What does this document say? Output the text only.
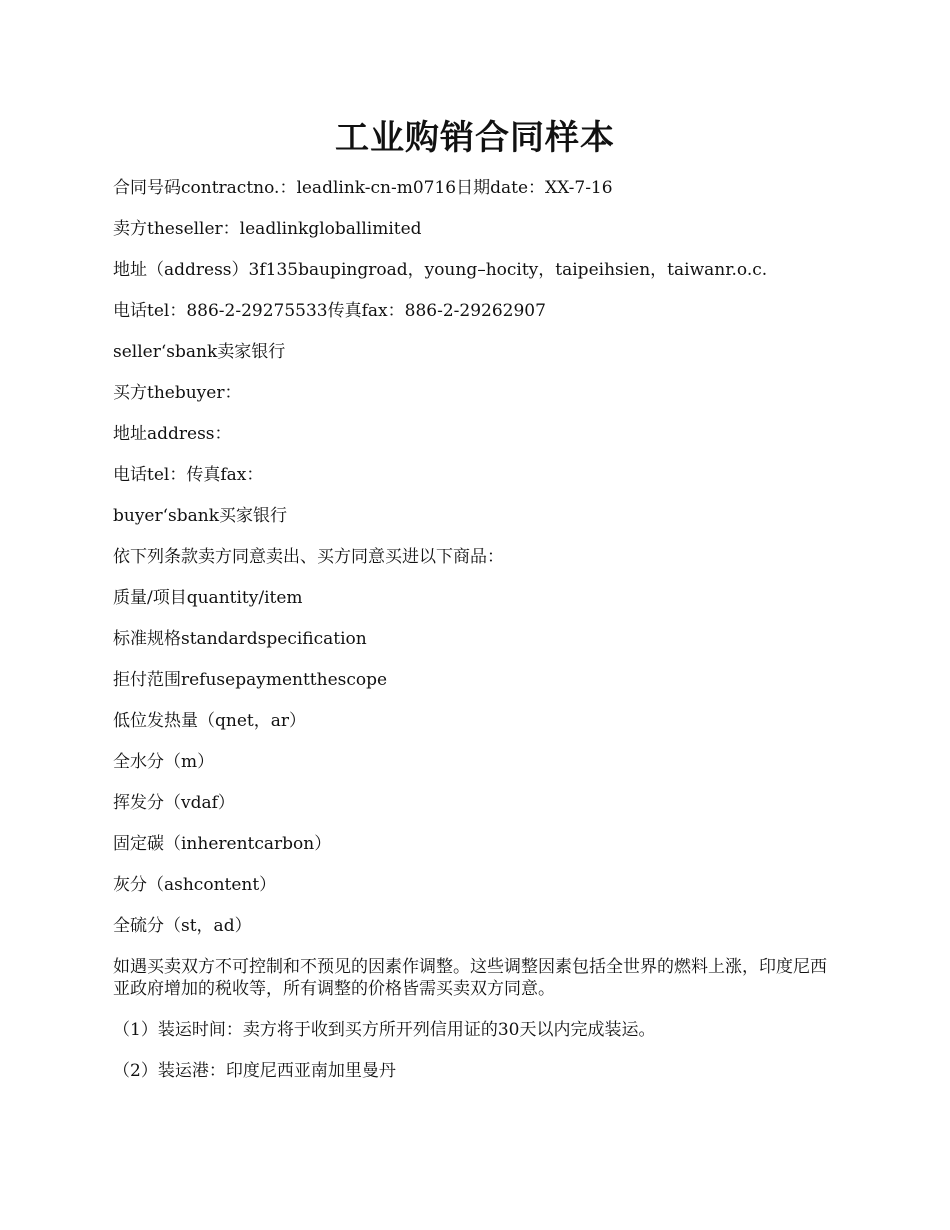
工业购销合同样本

合同号码contractno.：leadlink-cn-m0716日期date：XX-7-16

卖方theseller：leadlinkgloballimited

地址（address）3f135baupingroad，young–hocity，taipeihsien，taiwanr.o.c.

电话tel：886-2-29275533传真fax：886-2-29262907

seller‘sbank卖家银行

买方thebuyer：

地址address：

电话tel：传真fax：

buyer‘sbank买家银行

依下列条款卖方同意卖出、买方同意买进以下商品：

质量/项目quantity/item

标准规格standardspecification

拒付范围refusepaymentthescope

低位发热量（qnet，ar）

全水分（m）

挥发分（vdaf）

固定碳（inherentcarbon）

灰分（ashcontent）

全硫分（st，ad）

如遇买卖双方不可控制和不预见的因素作调整。这些调整因素包括全世界的燃料上涨，印度尼西亚政府增加的税收等，所有调整的价格皆需买卖双方同意。

（1）装运时间：卖方将于收到买方所开列信用证的30天以内完成装运。

（2）装运港：印度尼西亚南加里曼丹
